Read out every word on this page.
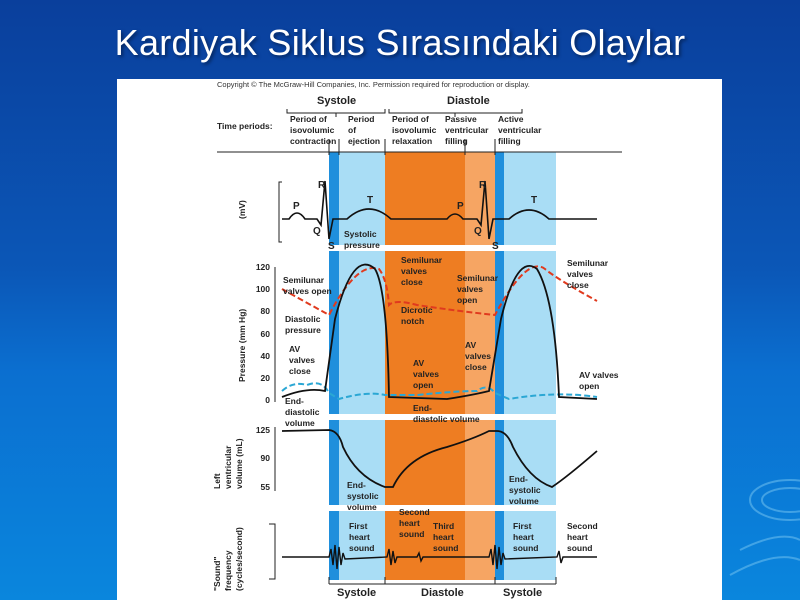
Kardiyak Siklus Sırasındaki Olaylar
Copyright © The McGraw-Hill Companies, Inc. Permission required for reproduction or display.
Systole	Diastole
Time periods:
Period of isovolumic contraction
Period of ejection
Period of isovolumic relaxation
Passive ventricular filling
Active ventricular filling
(mV)	P
Q
R
S
T
P
Q
R
S
T
Pressure (mm Hg)
120
100
80
60
40
20
0
Semilunar valves open
Diastolic pressure
AV valves close
Systolic pressure
Semilunar valves close
Dicrotic notch
AV valves open
Semilunar valves open
AV valves close
Semilunar valves close
AV valves open
Leftventricularvolume (mL)
125
90
55
End-diastolic volume
End-diastolic volume
End-systolic volume
End-systolic volume
"Sound"frequency(cycles/second)
First heart sound
Second heart sound
Third heart sound
First heart sound
Second heart sound
Systole	Diastole	Systole
